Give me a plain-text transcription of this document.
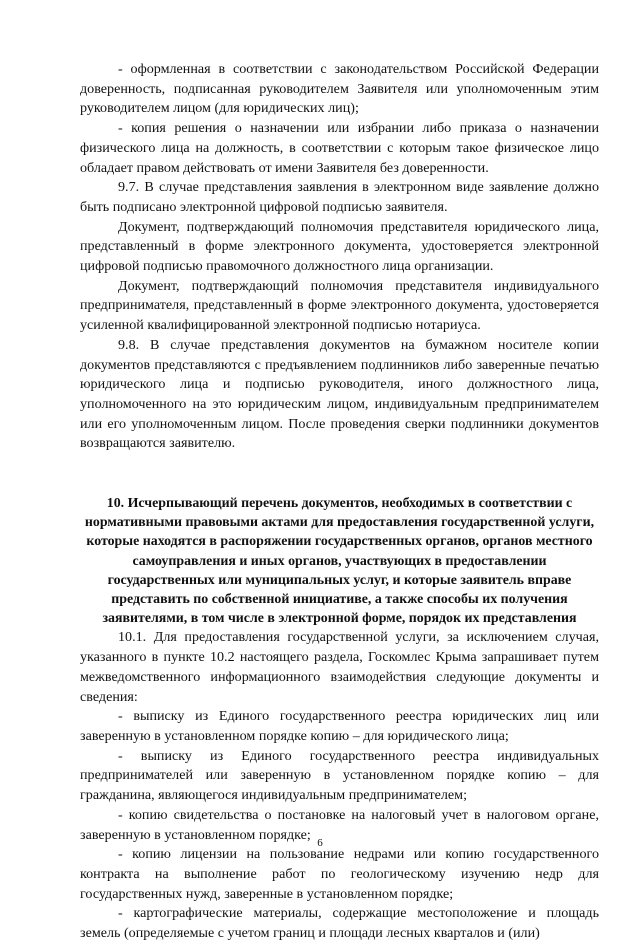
- оформленная в соответствии с законодательством Российской Федерации доверенность, подписанная руководителем Заявителя или уполномоченным этим руководителем лицом (для юридических лиц);

- копия решения о назначении или избрании либо приказа о назначении физического лица на должность, в соответствии с которым такое физическое лицо обладает правом действовать от имени Заявителя без доверенности.

9.7. В случае представления заявления в электронном виде заявление должно быть подписано электронной цифровой подписью заявителя.

Документ, подтверждающий полномочия представителя юридического лица, представленный в форме электронного документа, удостоверяется электронной цифровой подписью правомочного должностного лица организации.

Документ, подтверждающий полномочия представителя индивидуального предпринимателя, представленный в форме электронного документа, удостоверяется усиленной квалифицированной электронной подписью нотариуса.

9.8. В случае представления документов на бумажном носителе копии документов представляются с предъявлением подлинников либо заверенные печатью юридического лица и подписью руководителя, иного должностного лица, уполномоченного на это юридическим лицом, индивидуальным предпринимателем или его уполномоченным лицом. После проведения сверки подлинники документов возвращаются заявителю.

10. Исчерпывающий перечень документов, необходимых в соответствии с нормативными правовыми актами для предоставления государственной услуги, которые находятся в распоряжении государственных органов, органов местного самоуправления и иных органов, участвующих в предоставлении государственных или муниципальных услуг, и которые заявитель вправе представить по собственной инициативе, а также способы их получения заявителями, в том числе в электронной форме, порядок их представления

10.1. Для предоставления государственной услуги, за исключением случая, указанного в пункте 10.2 настоящего раздела, Госкомлес Крыма запрашивает путем межведомственного информационного взаимодействия следующие документы и сведения:

- выписку из Единого государственного реестра юридических лиц или заверенную в установленном порядке копию – для юридического лица;

- выписку из Единого государственного реестра индивидуальных предпринимателей или заверенную в установленном порядке копию – для гражданина, являющегося индивидуальным предпринимателем;

- копию свидетельства о постановке на налоговый учет в налоговом органе, заверенную в установленном порядке;

- копию лицензии на пользование недрами или копию государственного контракта на выполнение работ по геологическому изучению недр для государственных нужд, заверенные в установленном порядке;

- картографические материалы, содержащие местоположение и площадь земель (определяемые с учетом границ и площади лесных кварталов и (или)

6
